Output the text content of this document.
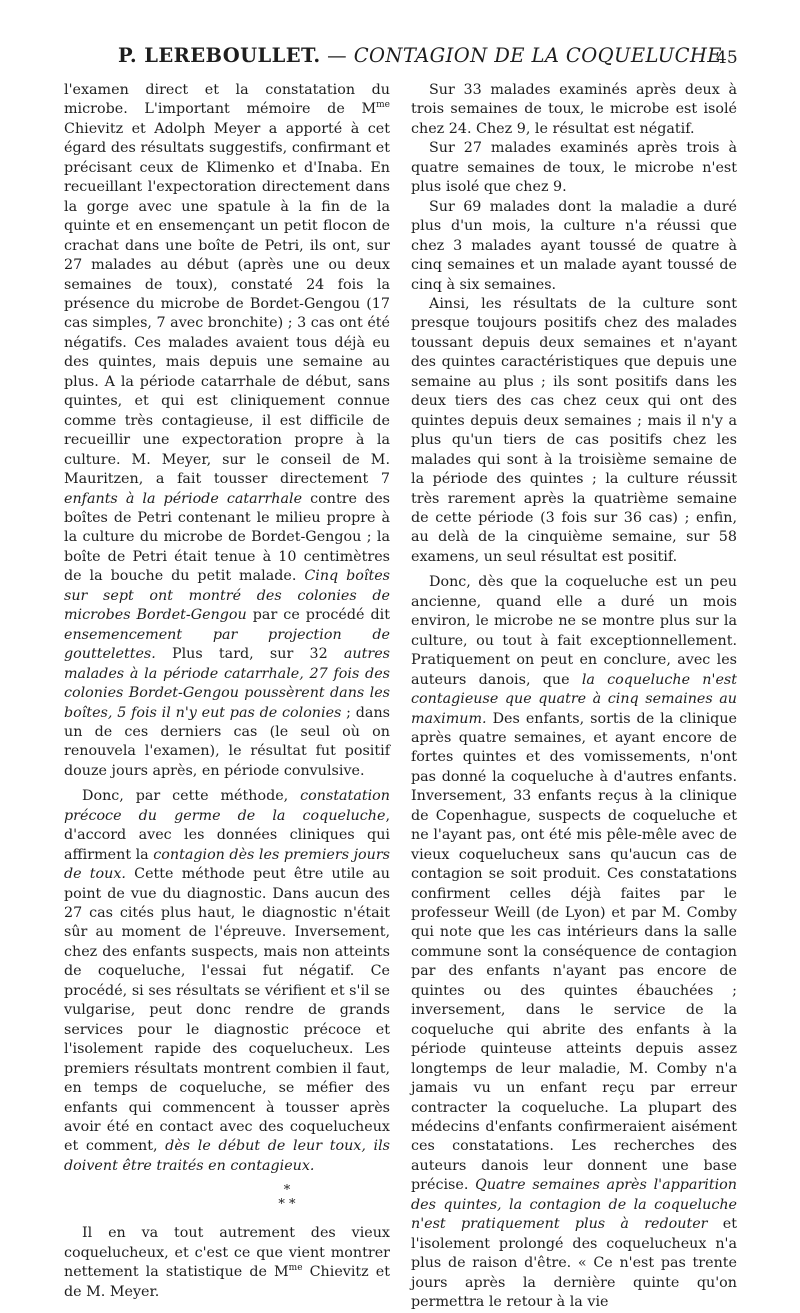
P. LEREBOULLET. — CONTAGION DE LA COQUELUCHE
45

l'examen direct et la constatation du microbe. L'important mémoire de $M^{me}$ Chievitz et Adolph Meyer a apporté à cet égard des résultats suggestifs, confirmant et précisant ceux de Klimenko et d'Inaba. En recueillant l'expectoration directement dans la gorge avec une spatule à la fin de la quinte et en ensemençant un petit flocon de crachat dans une boîte de Petri, ils ont, sur 27 malades au début (après une ou deux semaines de toux), constaté 24 fois la présence du microbe de Bordet-Gengou (17 cas simples, 7 avec bronchite) ; 3 cas ont été négatifs. Ces malades avaient tous déjà eu des quintes, mais depuis une semaine au plus. A la période catarrhale de début, sans quintes, et qui est cliniquement connue comme très contagieuse, il est difficile de recueillir une expectoration propre à la culture. M. Meyer, sur le conseil de M. Mauritzen, a fait tousser directement 7 enfants à la période catarrhale contre des boîtes de Petri contenant le milieu propre à la culture du microbe de Bordet-Gengou ; la boîte de Petri était tenue à 10 centimètres de la bouche du petit malade. Cinq boîtes sur sept ont montré des colonies de microbes Bordet-Gengou par ce procédé dit ensemencement par projection de gouttelettes. Plus tard, sur 32 autres malades à la période catarrhale, 27 fois des colonies Bordet-Gengou poussèrent dans les boîtes, 5 fois il n'y eut pas de colonies ; dans un de ces derniers cas (le seul où on renouvela l'examen), le résultat fut positif douze jours après, en période convulsive.

Donc, par cette méthode, constatation précoce du germe de la coqueluche, d'accord avec les données cliniques qui affirment la contagion dès les premiers jours de toux. Cette méthode peut être utile au point de vue du diagnostic. Dans aucun des 27 cas cités plus haut, le diagnostic n'était sûr au moment de l'épreuve. Inversement, chez des enfants suspects, mais non atteints de coqueluche, l'essai fut négatif. Ce procédé, si ses résultats se vérifient et s'il se vulgarise, peut donc rendre de grands services pour le diagnostic précoce et l'isolement rapide des coquelucheux. Les premiers résultats montrent combien il faut, en temps de coqueluche, se méfier des enfants qui commencent à tousser après avoir été en contact avec des coquelucheux et comment, dès le début de leur toux, ils doivent être traités en contagieux.

*
* *

Il en va tout autrement des vieux coquelucheux, et c'est ce que vient montrer nettement la statistique de $M^{me}$ Chievitz et de M. Meyer.

Sur 33 malades examinés après deux à trois semaines de toux, le microbe est isolé chez 24. Chez 9, le résultat est négatif.

Sur 27 malades examinés après trois à quatre semaines de toux, le microbe n'est plus isolé que chez 9.

Sur 69 malades dont la maladie a duré plus d'un mois, la culture n'a réussi que chez 3 malades ayant toussé de quatre à cinq semaines et un malade ayant toussé de cinq à six semaines.

Ainsi, les résultats de la culture sont presque toujours positifs chez des malades toussant depuis deux semaines et n'ayant des quintes caractéristiques que depuis une semaine au plus ; ils sont positifs dans les deux tiers des cas chez ceux qui ont des quintes depuis deux semaines ; mais il n'y a plus qu'un tiers de cas positifs chez les malades qui sont à la troisième semaine de la période des quintes ; la culture réussit très rarement après la quatrième semaine de cette période (3 fois sur 36 cas) ; enfin, au delà de la cinquième semaine, sur 58 examens, un seul résultat est positif.

Donc, dès que la coqueluche est un peu ancienne, quand elle a duré un mois environ, le microbe ne se montre plus sur la culture, ou tout à fait exceptionnellement. Pratiquement on peut en conclure, avec les auteurs danois, que la coqueluche n'est contagieuse que quatre à cinq semaines au maximum. Des enfants, sortis de la clinique après quatre semaines, et ayant encore de fortes quintes et des vomissements, n'ont pas donné la coqueluche à d'autres enfants. Inversement, 33 enfants reçus à la clinique de Copenhague, suspects de coqueluche et ne l'ayant pas, ont été mis pêle-mêle avec de vieux coquelucheux sans qu'aucun cas de contagion se soit produit. Ces constatations confirment celles déjà faites par le professeur Weill (de Lyon) et par M. Comby qui note que les cas intérieurs dans la salle commune sont la conséquence de contagion par des enfants n'ayant pas encore de quintes ou des quintes ébauchées ; inversement, dans le service de la coqueluche qui abrite des enfants à la période quinteuse atteints depuis assez longtemps de leur maladie, M. Comby n'a jamais vu un enfant reçu par erreur contracter la coqueluche. La plupart des médecins d'enfants confirmeraient aisément ces constatations. Les recherches des auteurs danois leur donnent une base précise. Quatre semaines après l'apparition des quintes, la contagion de la coqueluche n'est pratiquement plus à redouter et l'isolement prolongé des coquelucheux n'a plus de raison d'être. « Ce n'est pas trente jours après la dernière quinte qu'on permettra le retour à la vie
